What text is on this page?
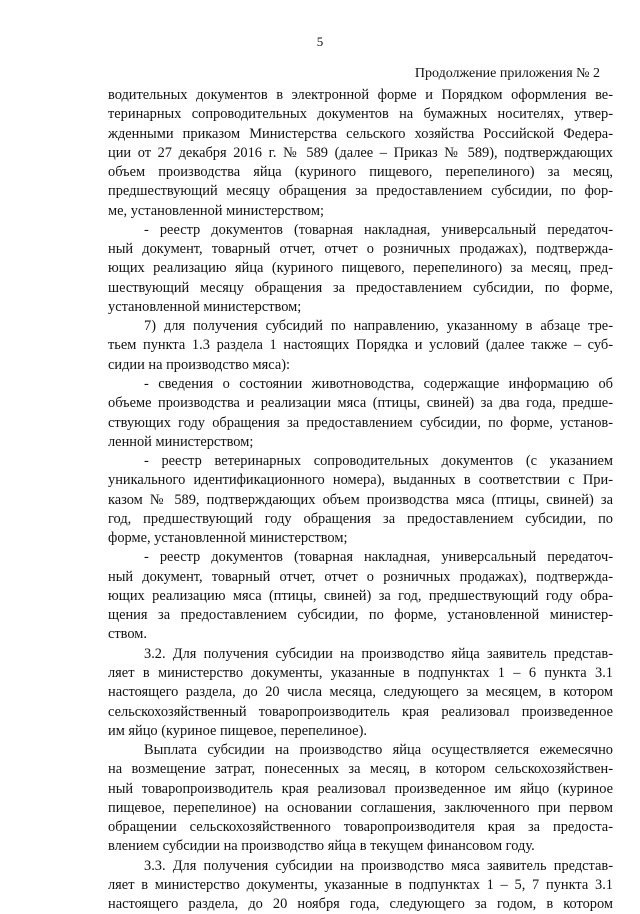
5
Продолжение приложения № 2
водительных документов в электронной форме и Порядком оформления ве-
теринарных сопроводительных документов на бумажных носителях, утвер-
жденными приказом Министерства сельского хозяйства Российской Федера-
ции от 27 декабря 2016 г. № 589 (далее – Приказ № 589), подтверждающих
объем производства яйца (куриного пищевого, перепелиного) за месяц,
предшествующий месяцу обращения за предоставлением субсидии, по фор-
ме, установленной министерством;
- реестр документов (товарная накладная, универсальный передаточ-
ный документ, товарный отчет, отчет о розничных продажах), подтвержда-
ющих реализацию яйца (куриного пищевого, перепелиного) за месяц, пред-
шествующий месяцу обращения за предоставлением субсидии, по форме,
установленной министерством;
7) для получения субсидий по направлению, указанному в абзаце тре-
тьем пункта 1.3 раздела 1 настоящих Порядка и условий (далее также – суб-
сидии на производство мяса):
- сведения о состоянии животноводства, содержащие информацию об
объеме производства и реализации мяса (птицы, свиней) за два года, предше-
ствующих году обращения за предоставлением субсидии, по форме, установ-
ленной министерством;
- реестр ветеринарных сопроводительных документов (с указанием
уникального идентификационного номера), выданных в соответствии с При-
казом № 589, подтверждающих объем производства мяса (птицы, свиней) за
год, предшествующий году обращения за предоставлением субсидии, по
форме, установленной министерством;
- реестр документов (товарная накладная, универсальный передаточ-
ный документ, товарный отчет, отчет о розничных продажах), подтвержда-
ющих реализацию мяса (птицы, свиней) за год, предшествующий году обра-
щения за предоставлением субсидии, по форме, установленной министер-
ством.
3.2. Для получения субсидии на производство яйца заявитель представ-
ляет в министерство документы, указанные в подпунктах 1 – 6 пункта 3.1
настоящего раздела, до 20 числа месяца, следующего за месяцем, в котором
сельскохозяйственный товаропроизводитель края реализовал произведенное
им яйцо (куриное пищевое, перепелиное).
Выплата субсидии на производство яйца осуществляется ежемесячно
на возмещение затрат, понесенных за месяц, в котором сельскохозяйствен-
ный товаропроизводитель края реализовал произведенное им яйцо (куриное
пищевое, перепелиное) на основании соглашения, заключенного при первом
обращении сельскохозяйственного товаропроизводителя края за предоста-
влением субсидии на производство яйца в текущем финансовом году.
3.3. Для получения субсидии на производство мяса заявитель представ-
ляет в министерство документы, указанные в подпунктах 1 – 5, 7 пункта 3.1
настоящего раздела, до 20 ноября года, следующего за годом, в котором
